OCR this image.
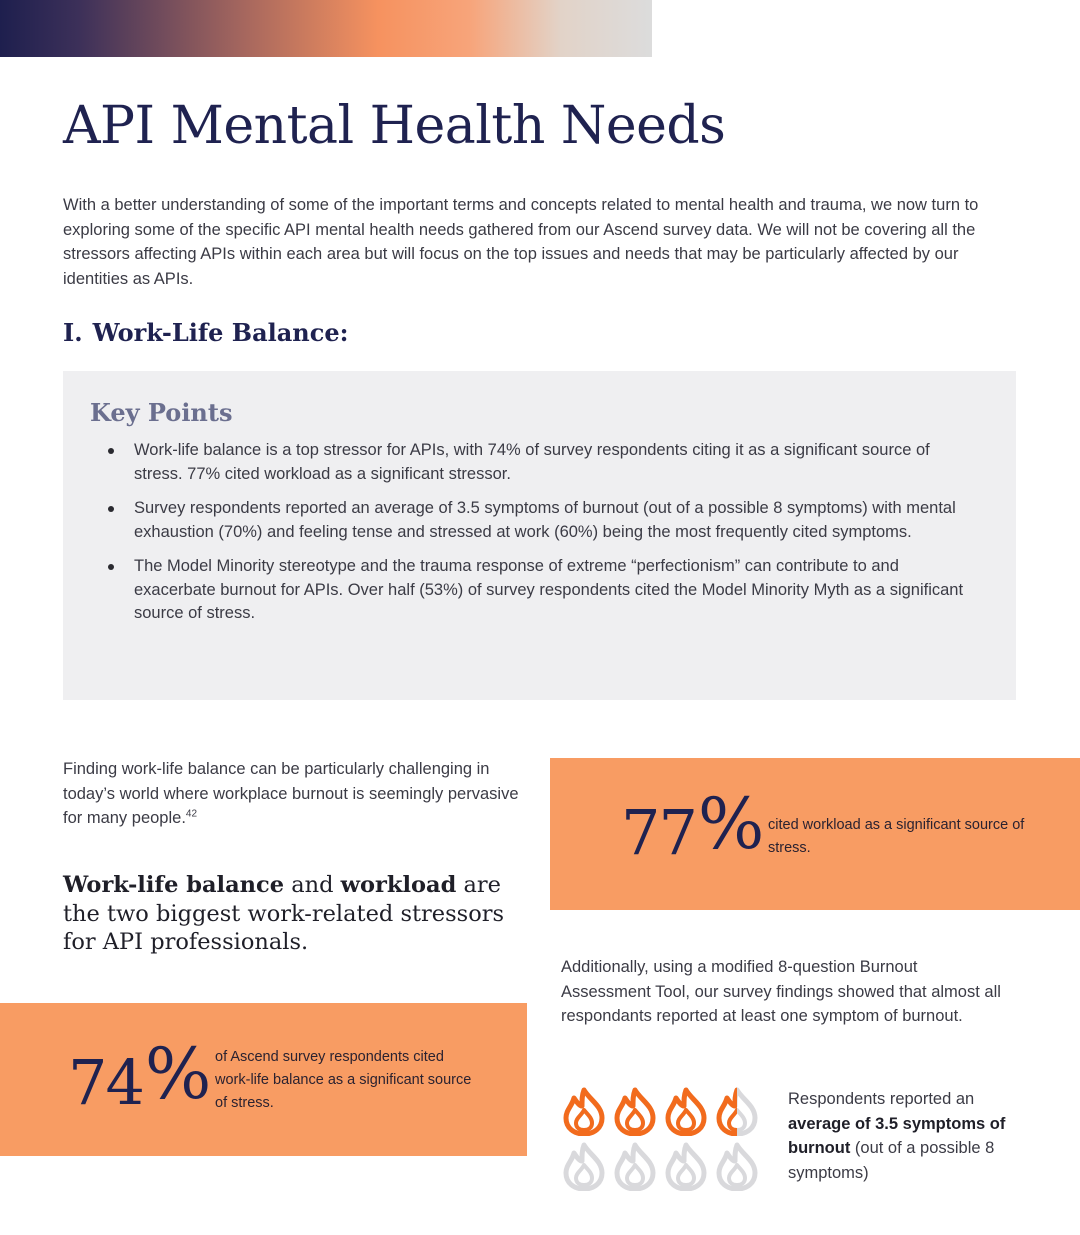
API Mental Health Needs

With a better understanding of some of the important terms and concepts related to mental health and trauma, we now turn to exploring some of the specific API mental health needs gathered from our Ascend survey data. We will not be covering all the stressors affecting APIs within each area but will focus on the top issues and needs that may be particularly affected by our identities as APIs.

I. Work-Life Balance:
Key Points
Work-life balance is a top stressor for APIs, with 74% of survey respondents citing it as a significant source of stress. 77% cited workload as a significant stressor.
Survey respondents reported an average of 3.5 symptoms of burnout (out of a possible 8 symptoms) with mental exhaustion (70%) and feeling tense and stressed at work (60%) being the most frequently cited symptoms.
The Model Minority stereotype and the trauma response of extreme “perfectionism” can contribute to and exacerbate burnout for APIs. Over half (53%) of survey respondents cited the Model Minority Myth as a significant source of stress.

Finding work-life balance can be particularly challenging in today’s world where workplace burnout is seemingly pervasive for many people.$^{42}$

Work-life balance and workload are the two biggest work-related stressors for API professionals.

77% cited workload as a significant source of stress.
74% of Ascend survey respondents cited work-life balance as a significant source of stress.

Additionally, using a modified 8-question Burnout Assessment Tool, our survey findings showed that almost all respondants reported at least one symptom of burnout.

Respondents reported an average of 3.5 symptoms of burnout (out of a possible 8 symptoms)
